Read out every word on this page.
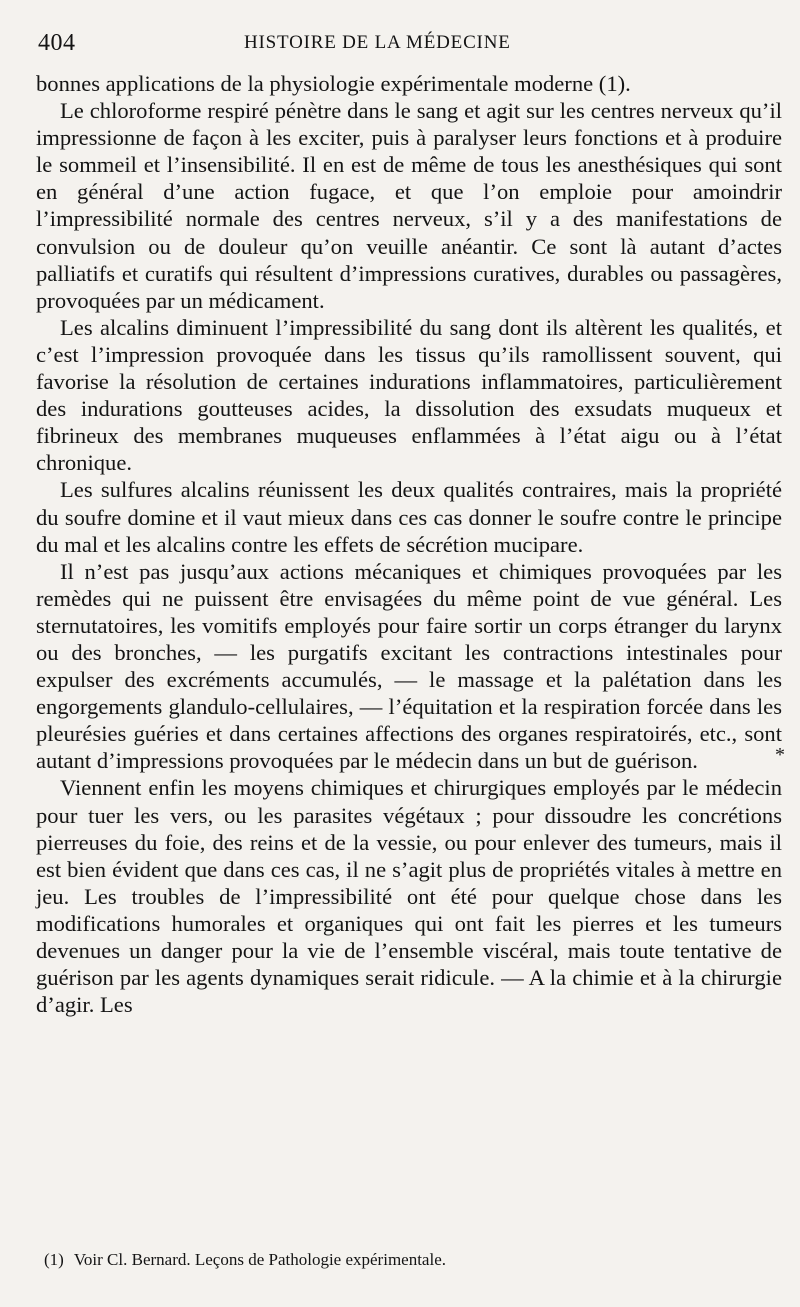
404	HISTOIRE DE LA MÉDECINE

bonnes applications de la physiologie expérimentale moderne (1).

Le chloroforme respiré pénètre dans le sang et agit sur les centres nerveux qu’il impressionne de façon à les exciter, puis à paralyser leurs fonctions et à produire le sommeil et l’insensibilité. Il en est de même de tous les anesthésiques qui sont en général d’une action fugace, et que l’on emploie pour amoindrir l’impressibilité normale des centres nerveux, s’il y a des manifestations de convulsion ou de douleur qu’on veuille anéantir. Ce sont là autant d’actes palliatifs et curatifs qui résultent d’impressions curatives, durables ou passagères, provoquées par un médicament.

Les alcalins diminuent l’impressibilité du sang dont ils altèrent les qualités, et c’est l’impression provoquée dans les tissus qu’ils ramollissent souvent, qui favorise la résolution de certaines indurations inflammatoires, particulièrement des indurations goutteuses acides, la dissolution des exsudats muqueux et fibrineux des membranes muqueuses enflammées à l’état aigu ou à l’état chronique.

Les sulfures alcalins réunissent les deux qualités contraires, mais la propriété du soufre domine et il vaut mieux dans ces cas donner le soufre contre le principe du mal et les alcalins contre les effets de sécrétion mucipare.

Il n’est pas jusqu’aux actions mécaniques et chimiques provoquées par les remèdes qui ne puissent être envisagées du même point de vue général. Les sternutatoires, les vomitifs employés pour faire sortir un corps étranger du larynx ou des bronches, — les purgatifs excitant les contractions intestinales pour expulser des excréments accumulés, — le massage et la palétation dans les engorgements glandulo-cellulaires, — l’équitation et la respiration forcée dans les pleurésies guéries et dans certaines affections des organes respiratoirés, etc., sont autant d’impressions provoquées par le médecin dans un but de guérison.

Viennent enfin les moyens chimiques et chirurgiques employés par le médecin pour tuer les vers, ou les parasites végétaux ; pour dissoudre les concrétions pierreuses du foie, des reins et de la vessie, ou pour enlever des tumeurs, mais il est bien évident que dans ces cas, il ne s’agit plus de propriétés vitales à mettre en jeu. Les troubles de l’impressibilité ont été pour quelque chose dans les modifications humorales et organiques qui ont fait les pierres et les tumeurs devenues un danger pour la vie de l’ensemble viscéral, mais toute tentative de guérison par les agents dynamiques serait ridicule. — A la chimie et à la chirurgie d’agir. Les

*
(1) Voir Cl. Bernard. Leçons de Pathologie expérimentale.
